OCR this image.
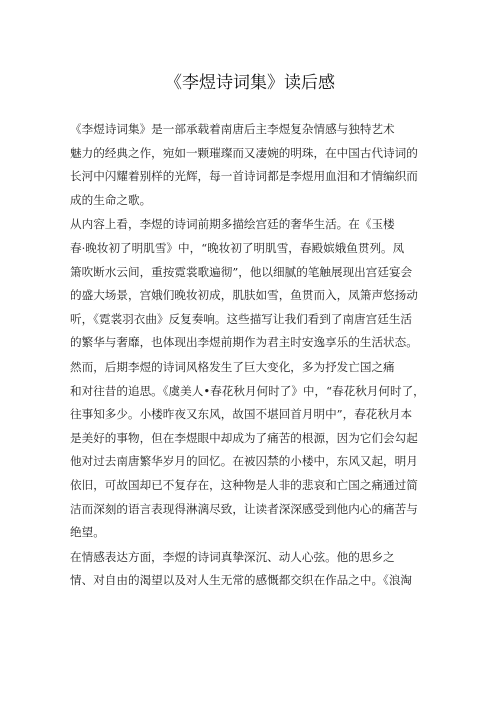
《李煜诗词集》读后感
《李煜诗词集》是一部承载着南唐后主李煜复杂情感与独特艺术
魅力的经典之作，宛如一颗璀璨而又凄婉的明珠，在中国古代诗词的
长河中闪耀着别样的光辉，每一首诗词都是李煜用血泪和才情编织而
成的生命之歌。
从内容上看，李煜的诗词前期多描绘宫廷的奢华生活。在《玉楼
春·晚妆初了明肌雪》中，“晚妆初了明肌雪，春殿嫔娥鱼贯列。凤
箫吹断水云间，重按霓裳歌遍彻”，他以细腻的笔触展现出宫廷宴会
的盛大场景，宫娥们晚妆初成，肌肤如雪，鱼贯而入，凤箫声悠扬动
听，《霓裳羽衣曲》反复奏响。这些描写让我们看到了南唐宫廷生活
的繁华与奢靡，也体现出李煜前期作为君主时安逸享乐的生活状态。
然而，后期李煜的诗词风格发生了巨大变化，多为抒发亡国之痛
和对往昔的追思。《虞美人•春花秋月何时了》中，“春花秋月何时了，
往事知多少。小楼昨夜又东风，故国不堪回首月明中”，春花秋月本
是美好的事物，但在李煜眼中却成为了痛苦的根源，因为它们会勾起
他对过去南唐繁华岁月的回忆。在被囚禁的小楼中，东风又起，明月
依旧，可故国却已不复存在，这种物是人非的悲哀和亡国之痛通过简
洁而深刻的语言表现得淋漓尽致，让读者深深感受到他内心的痛苦与
绝望。
在情感表达方面，李煜的诗词真挚深沉、动人心弦。他的思乡之
情、对自由的渴望以及对人生无常的感慨都交织在作品之中。《浪淘
